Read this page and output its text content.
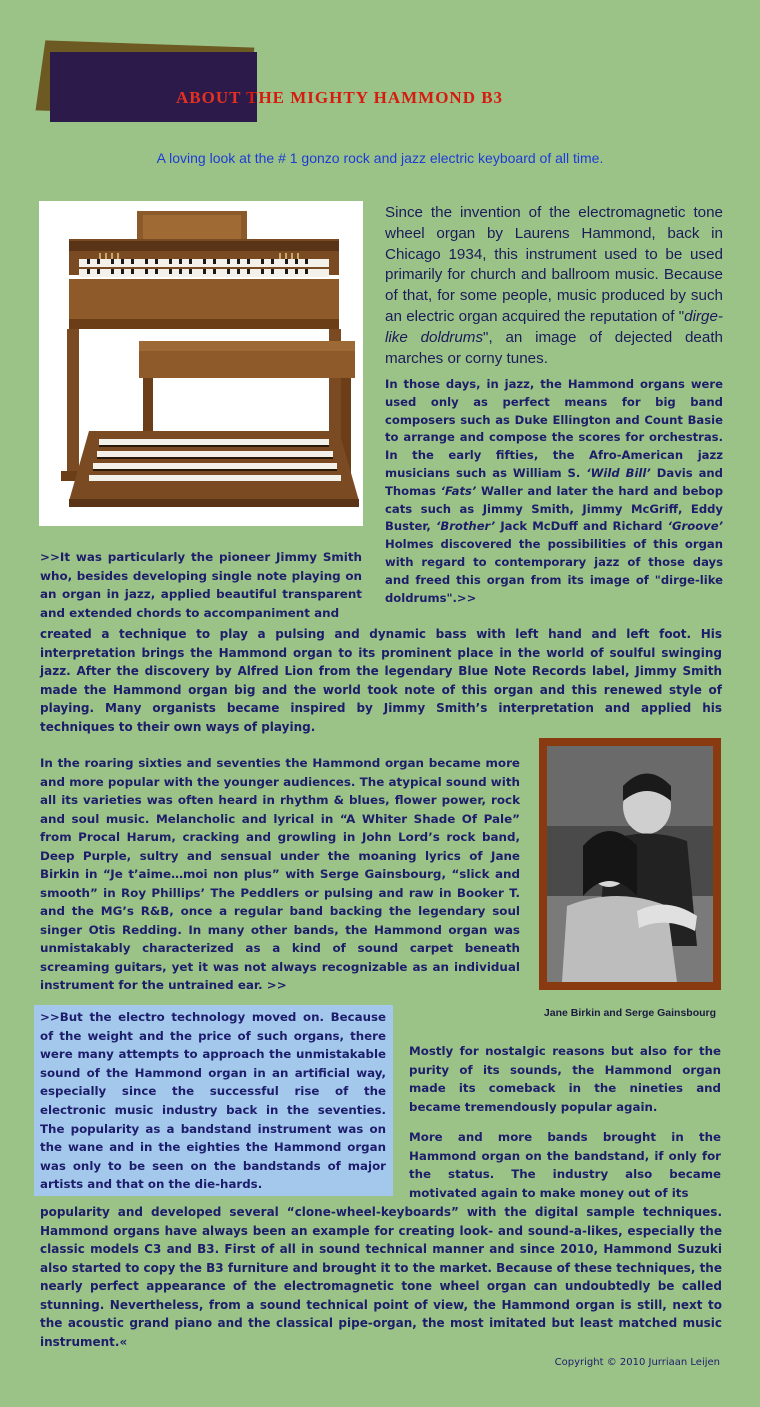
ABOUT THE MIGHTY HAMMOND B3
A loving look at the # 1 gonzo rock and jazz electric keyboard of all time.
Jane Birkin and Serge Gainsbourg

Since the invention of the electromagnetic tone wheel organ by Laurens Hammond, back in Chicago 1934, this instrument used to be used primarily for church and ballroom music. Because of that, for some people, music produced by such an electric organ acquired the reputation of "dirge-like doldrums", an image of dejected death marches or corny tunes.

In those days, in jazz, the Hammond organs were used only as perfect means for big band composers such as Duke Ellington and Count Basie to arrange and compose the scores for orchestras. In the early fifties, the Afro-American jazz musicians such as William S. ‘Wild Bill’ Davis and Thomas ‘Fats’ Waller and later the hard and bebop cats such as Jimmy Smith, Jimmy McGriff, Eddy Buster, ‘Brother’ Jack McDuff and Richard ‘Groove’ Holmes discovered the possibilities of this organ with regard to contemporary jazz of those days and freed this organ from its image of "dirge-like doldrums".>>

>>It was particularly the pioneer Jimmy Smith who, besides developing single note playing on an organ in jazz, applied beautiful transparent and extended chords to accompaniment and

created a technique to play a pulsing and dynamic bass with left hand and left foot. His interpretation brings the Hammond organ to its prominent place in the world of soulful swinging jazz. After the discovery by Alfred Lion from the legendary Blue Note Records label, Jimmy Smith made the Hammond organ big and the world took note of this organ and this renewed style of playing. Many organists became inspired by Jimmy Smith’s interpretation and applied his techniques to their own ways of playing.

In the roaring sixties and seventies the Hammond organ became more and more popular with the younger audiences. The atypical sound with all its varieties was often heard in rhythm & blues, flower power, rock and soul music. Melancholic and lyrical in “A Whiter Shade Of Pale” from Procal Harum, cracking and growling in John Lord’s rock band, Deep Purple, sultry and sensual under the moaning lyrics of Jane Birkin in “Je t’aime…moi non plus” with Serge Gainsbourg, “slick and smooth” in Roy Phillips’ The Peddlers or pulsing and raw in Booker T. and the MG’s R&B, once a regular band backing the legendary soul singer Otis Redding. In many other bands, the Hammond organ was unmistakably characterized as a kind of sound carpet beneath screaming guitars, yet it was not always recognizable as an individual instrument for the untrained ear. >>

>>But the electro technology moved on. Because of the weight and the price of such organs, there were many attempts to approach the unmistakable sound of the Hammond organ in an artificial way, especially since the successful rise of the electronic music industry back in the seventies. The popularity as a bandstand instrument was on the wane and in the eighties the Hammond organ was only to be seen on the bandstands of major artists and that on the die-hards.

Mostly for nostalgic reasons but also for the purity of its sounds, the Hammond organ made its comeback in the nineties and became tremendously popular again.

More and more bands brought in the Hammond organ on the bandstand, if only for the status. The industry also became motivated again to make money out of its

popularity and developed several “clone-wheel-keyboards” with the digital sample techniques. Hammond organs have always been an example for creating look- and sound-a-likes, especially the classic models C3 and B3. First of all in sound technical manner and since 2010, Hammond Suzuki also started to copy the B3 furniture and brought it to the market. Because of these techniques, the nearly perfect appearance of the electromagnetic tone wheel organ can undoubtedly be called stunning. Nevertheless, from a sound technical point of view, the Hammond organ is still, next to the acoustic grand piano and the classical pipe-organ, the most imitated but least matched music instrument.«

Copyright © 2010 Jurriaan Leijen
